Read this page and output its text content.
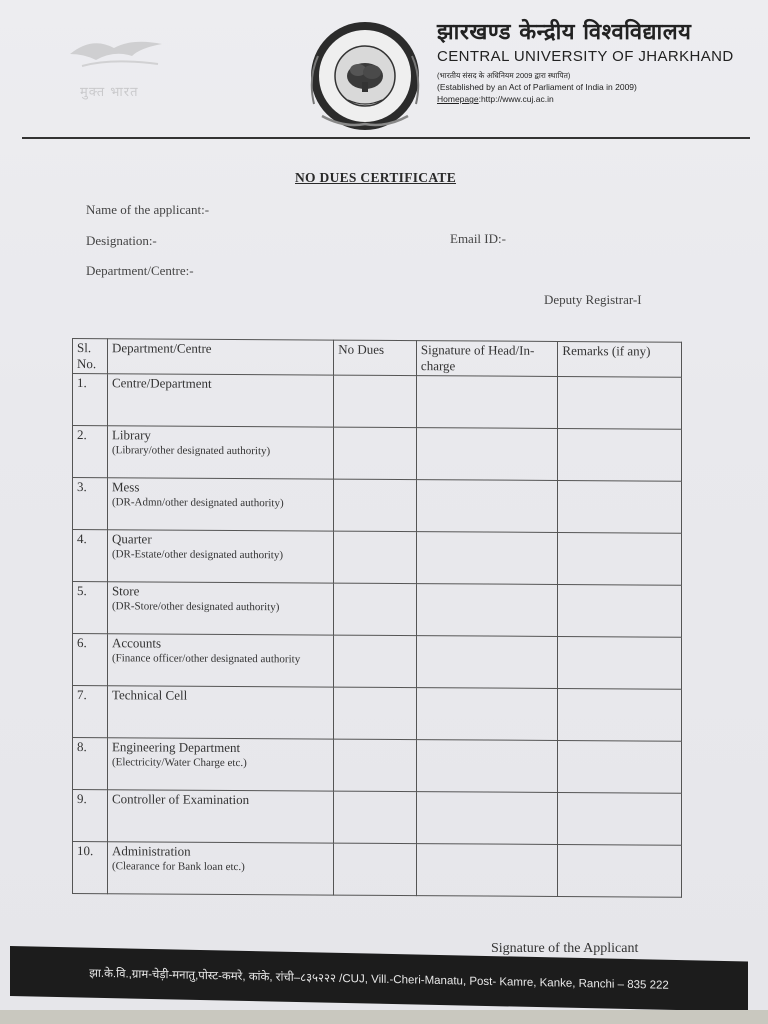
मुक्त भारत
झारखण्ड केन्द्रीय विश्वविद्यालय
CENTRAL UNIVERSITY OF JHARKHAND
(भारतीय संसद के अधिनियम 2009 द्वारा स्थापित)
(Established by an Act of Parliament of India in 2009)
Homepage:http://www.cuj.ac.in
NO DUES CERTIFICATE
Name of the applicant:-
Designation:-	Email ID:-
Department/Centre:-
Deputy Registrar-I
Sl. No.	Department/Centre	No Dues	Signature of Head/In-charge	Remarks (if any)
1.	Centre/Department			
2.	Library
(Library/other designated authority)			

3.	Mess
(DR-Admn/other designated authority)			

4.	Quarter
(DR-Estate/other designated authority)			

5.	Store
(DR-Store/other designated authority)			

6.	Accounts
(Finance officer/other designated authority			

7.	Technical Cell			
8.	Engineering Department
(Electricity/Water Charge etc.)			

9.	Controller of Examination			
10.	Administration
(Clearance for Bank loan etc.)			

Signature of the Applicant
झा.के.वि.,ग्राम-चेड़ी-मनातु,पोस्ट-कमरे, कांके, रांची–८३५२२२ /CUJ, Vill.-Cheri-Manatu, Post- Kamre, Kanke, Ranchi – 835 222
